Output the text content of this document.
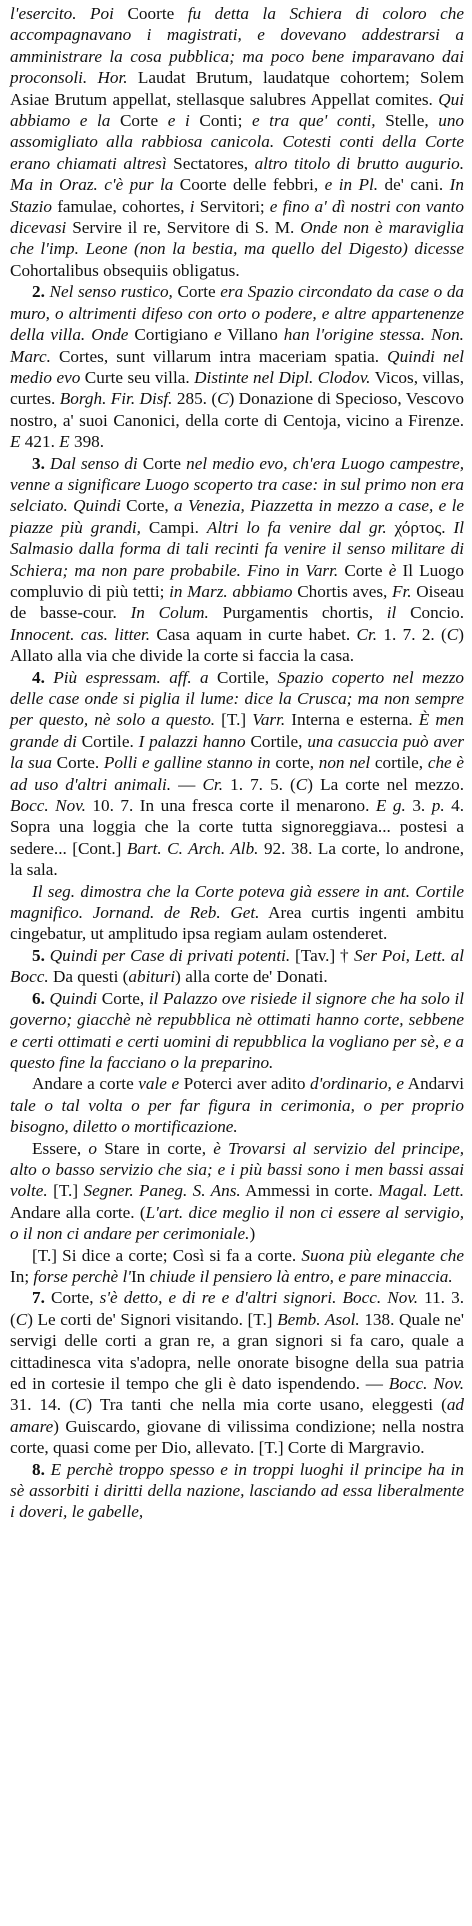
l'esercito. Poi Coorte fu detta la Schiera di coloro che accompagnavano i magistrati, e dovevano addestrarsi a amministrare la cosa pubblica; ma poco bene imparavano dai proconsoli. Hor. Laudat Brutum, laudatque cohortem; Solem Asiae Brutum appellat, stellasque salubres Appellat comites. Qui abbiamo e la Corte e i Conti; e tra que' conti, Stelle, uno assomigliato alla rabbiosa canicola. Cotesti conti della Corte erano chiamati altresì Sectatores, altro titolo di brutto augurio. Ma in Oraz. c'è pur la Coorte delle febbri, e in Pl. de' cani. In Stazio famulae, cohortes, i Servitori; e fino a' dì nostri con vanto dicevasi Servire il re, Servitore di S. M. Onde non è maraviglia che l'imp. Leone (non la bestia, ma quello del Digesto) dicesse Cohortalibus obsequiis obligatus.

2. Nel senso rustico, Corte era Spazio circondato da case o da muro, o altrimenti difeso con orto o podere, e altre appartenenze della villa. Onde Cortigiano e Villano han l'origine stessa. Non. Marc. Cortes, sunt villarum intra maceriam spatia. Quindi nel medio evo Curte seu villa. Distinte nel Dipl. Clodov. Vicos, villas, curtes. Borgh. Fir. Disf. 285. (C) Donazione di Specioso, Vescovo nostro, a' suoi Canonici, della corte di Centoja, vicino a Firenze. E 421. E 398.

3. Dal senso di Corte nel medio evo, ch'era Luogo campestre, venne a significare Luogo scoperto tra case: in sul primo non era selciato. Quindi Corte, a Venezia, Piazzetta in mezzo a case, e le piazze più grandi, Campi. Altri lo fa venire dal gr. χόρτος. Il Salmasio dalla forma di tali recinti fa venire il senso militare di Schiera; ma non pare probabile. Fino in Varr. Corte è Il Luogo compluvio di più tetti; in Marz. abbiamo Chortis aves, Fr. Oiseau de basse-cour. In Colum. Purgamentis chortis, il Concio. Innocent. cas. litter. Casa aquam in curte habet. Cr. 1. 7. 2. (C) Allato alla via che divide la corte si faccia la casa.

4. Più espressam. aff. a Cortile, Spazio coperto nel mezzo delle case onde si piglia il lume: dice la Crusca; ma non sempre per questo, nè solo a questo. [T.] Varr. Interna e esterna. È men grande di Cortile. I palazzi hanno Cortile, una casuccia può aver la sua Corte. Polli e galline stanno in corte, non nel cortile, che è ad uso d'altri animali. — Cr. 1. 7. 5. (C) La corte nel mezzo. Bocc. Nov. 10. 7. In una fresca corte il menarono. E g. 3. p. 4. Sopra una loggia che la corte tutta signoreggiava... postesi a sedere... [Cont.] Bart. C. Arch. Alb. 92. 38. La corte, lo androne, la sala.

Il seg. dimostra che la Corte poteva già essere in ant. Cortile magnifico. Jornand. de Reb. Get. Area curtis ingenti ambitu cingebatur, ut amplitudo ipsa regiam aulam ostenderet.

5. Quindi per Case di privati potenti. [Tav.] † Ser Poi, Lett. al Bocc. Da questi (abituri) alla corte de' Donati.

6. Quindi Corte, il Palazzo ove risiede il signore che ha solo il governo; giacchè nè repubblica nè ottimati hanno corte, sebbene e certi ottimati e certi uomini di repubblica la vogliano per sè, e a questo fine la facciano o la preparino.

Andare a corte vale e Poterci aver adito d'ordinario, e Andarvi tale o tal volta o per far figura in cerimonia, o per proprio bisogno, diletto o mortificazione.

Essere, o Stare in corte, è Trovarsi al servizio del principe, alto o basso servizio che sia; e i più bassi sono i men bassi assai volte. [T.] Segner. Paneg. S. Ans. Ammessi in corte. Magal. Lett. Andare alla corte. (L'art. dice meglio il non ci essere al servigio, o il non ci andare per cerimoniale.)

[T.] Si dice a corte; Così si fa a corte. Suona più elegante che In; forse perchè l'In chiude il pensiero là entro, e pare minaccia.

7. Corte, s'è detto, e di re e d'altri signori. Bocc. Nov. 11. 3. (C) Le corti de' Signori visitando. [T.] Bemb. Asol. 138. Quale ne' servigi delle corti a gran re, a gran signori si fa caro, quale a cittadinesca vita s'adopra, nelle onorate bisogne della sua patria ed in cortesie il tempo che gli è dato ispendendo. — Bocc. Nov. 31. 14. (C) Tra tanti che nella mia corte usano, eleggesti (ad amare) Guiscardo, giovane di vilissima condizione; nella nostra corte, quasi come per Dio, allevato. [T.] Corte di Margravio.

8. E perchè troppo spesso e in troppi luoghi il principe ha in sè assorbiti i diritti della nazione, lasciando ad essa liberalmente i doveri, le gabelle,
